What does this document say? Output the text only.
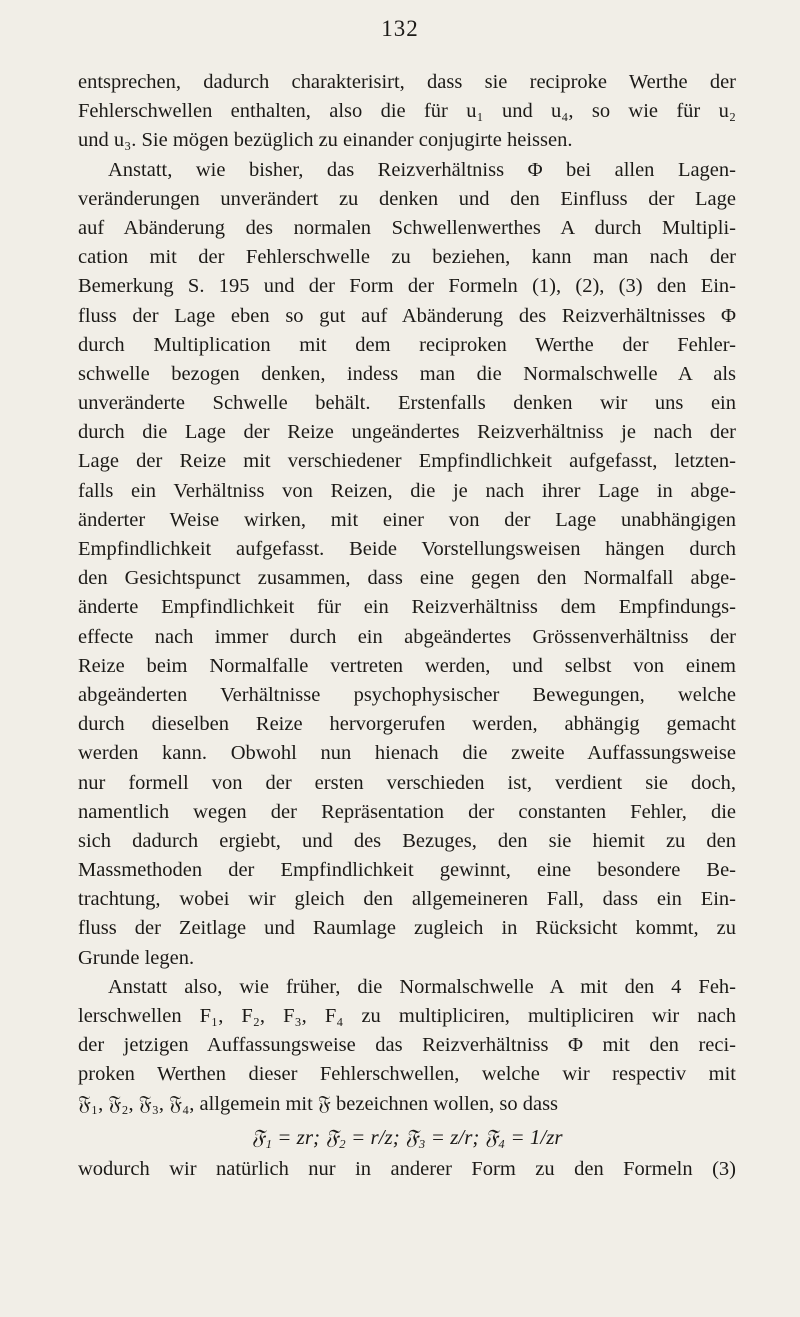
132
entsprechen, dadurch charakterisirt, dass sie reciproke Werthe der
Fehlerschwellen enthalten, also die für u₁ und u₄, so wie für u₂
und u₃. Sie mögen bezüglich zu einander conjugirte heissen.
Anstatt, wie bisher, das Reizverhältniss Φ bei allen Lagen-
veränderungen unverändert zu denken und den Einfluss der Lage
auf Abänderung des normalen Schwellenwerthes A durch Multipli-
cation mit der Fehlerschwelle zu beziehen, kann man nach der
Bemerkung S. 195 und der Form der Formeln (1), (2), (3) den Ein-
fluss der Lage eben so gut auf Abänderung des Reizverhältnisses Φ
durch Multiplication mit dem reciproken Werthe der Fehler-
schwelle bezogen denken, indess man die Normalschwelle A als
unveränderte Schwelle behält. Erstenfalls denken wir uns ein
durch die Lage der Reize ungeändertes Reizverhältniss je nach der
Lage der Reize mit verschiedener Empfindlichkeit aufgefasst, letzten-
falls ein Verhältniss von Reizen, die je nach ihrer Lage in abge-
änderter Weise wirken, mit einer von der Lage unabhängigen
Empfindlichkeit aufgefasst. Beide Vorstellungsweisen hängen durch
den Gesichtspunct zusammen, dass eine gegen den Normalfall abge-
änderte Empfindlichkeit für ein Reizverhältniss dem Empfindungs-
effecte nach immer durch ein abgeändertes Grössenverhältniss der
Reize beim Normalfalle vertreten werden, und selbst von einem
abgeänderten Verhältnisse psychophysischer Bewegungen, welche
durch dieselben Reize hervorgerufen werden, abhängig gemacht
werden kann. Obwohl nun hienach die zweite Auffassungsweise
nur formell von der ersten verschieden ist, verdient sie doch,
namentlich wegen der Repräsentation der constanten Fehler, die
sich dadurch ergiebt, und des Bezuges, den sie hiemit zu den
Massmethoden der Empfindlichkeit gewinnt, eine besondere Be-
trachtung, wobei wir gleich den allgemeineren Fall, dass ein Ein-
fluss der Zeitlage und Raumlage zugleich in Rücksicht kommt, zu
Grunde legen.
Anstatt also, wie früher, die Normalschwelle A mit den 4 Feh-
lerschwellen F₁, F₂, F₃, F₄ zu multipliciren, multipliciren wir nach
der jetzigen Auffassungsweise das Reizverhältniss Φ mit den reci-
proken Werthen dieser Fehlerschwellen, welche wir respectiv mit
𝔉₁, 𝔉₂, 𝔉₃, 𝔉₄, allgemein mit 𝔉 bezeichnen wollen, so dass
𝔉₁ = zr; 𝔉₂ = r/z; 𝔉₃ = z/r; 𝔉₄ = 1/zr
wodurch wir natürlich nur in anderer Form zu den Formeln (3)
